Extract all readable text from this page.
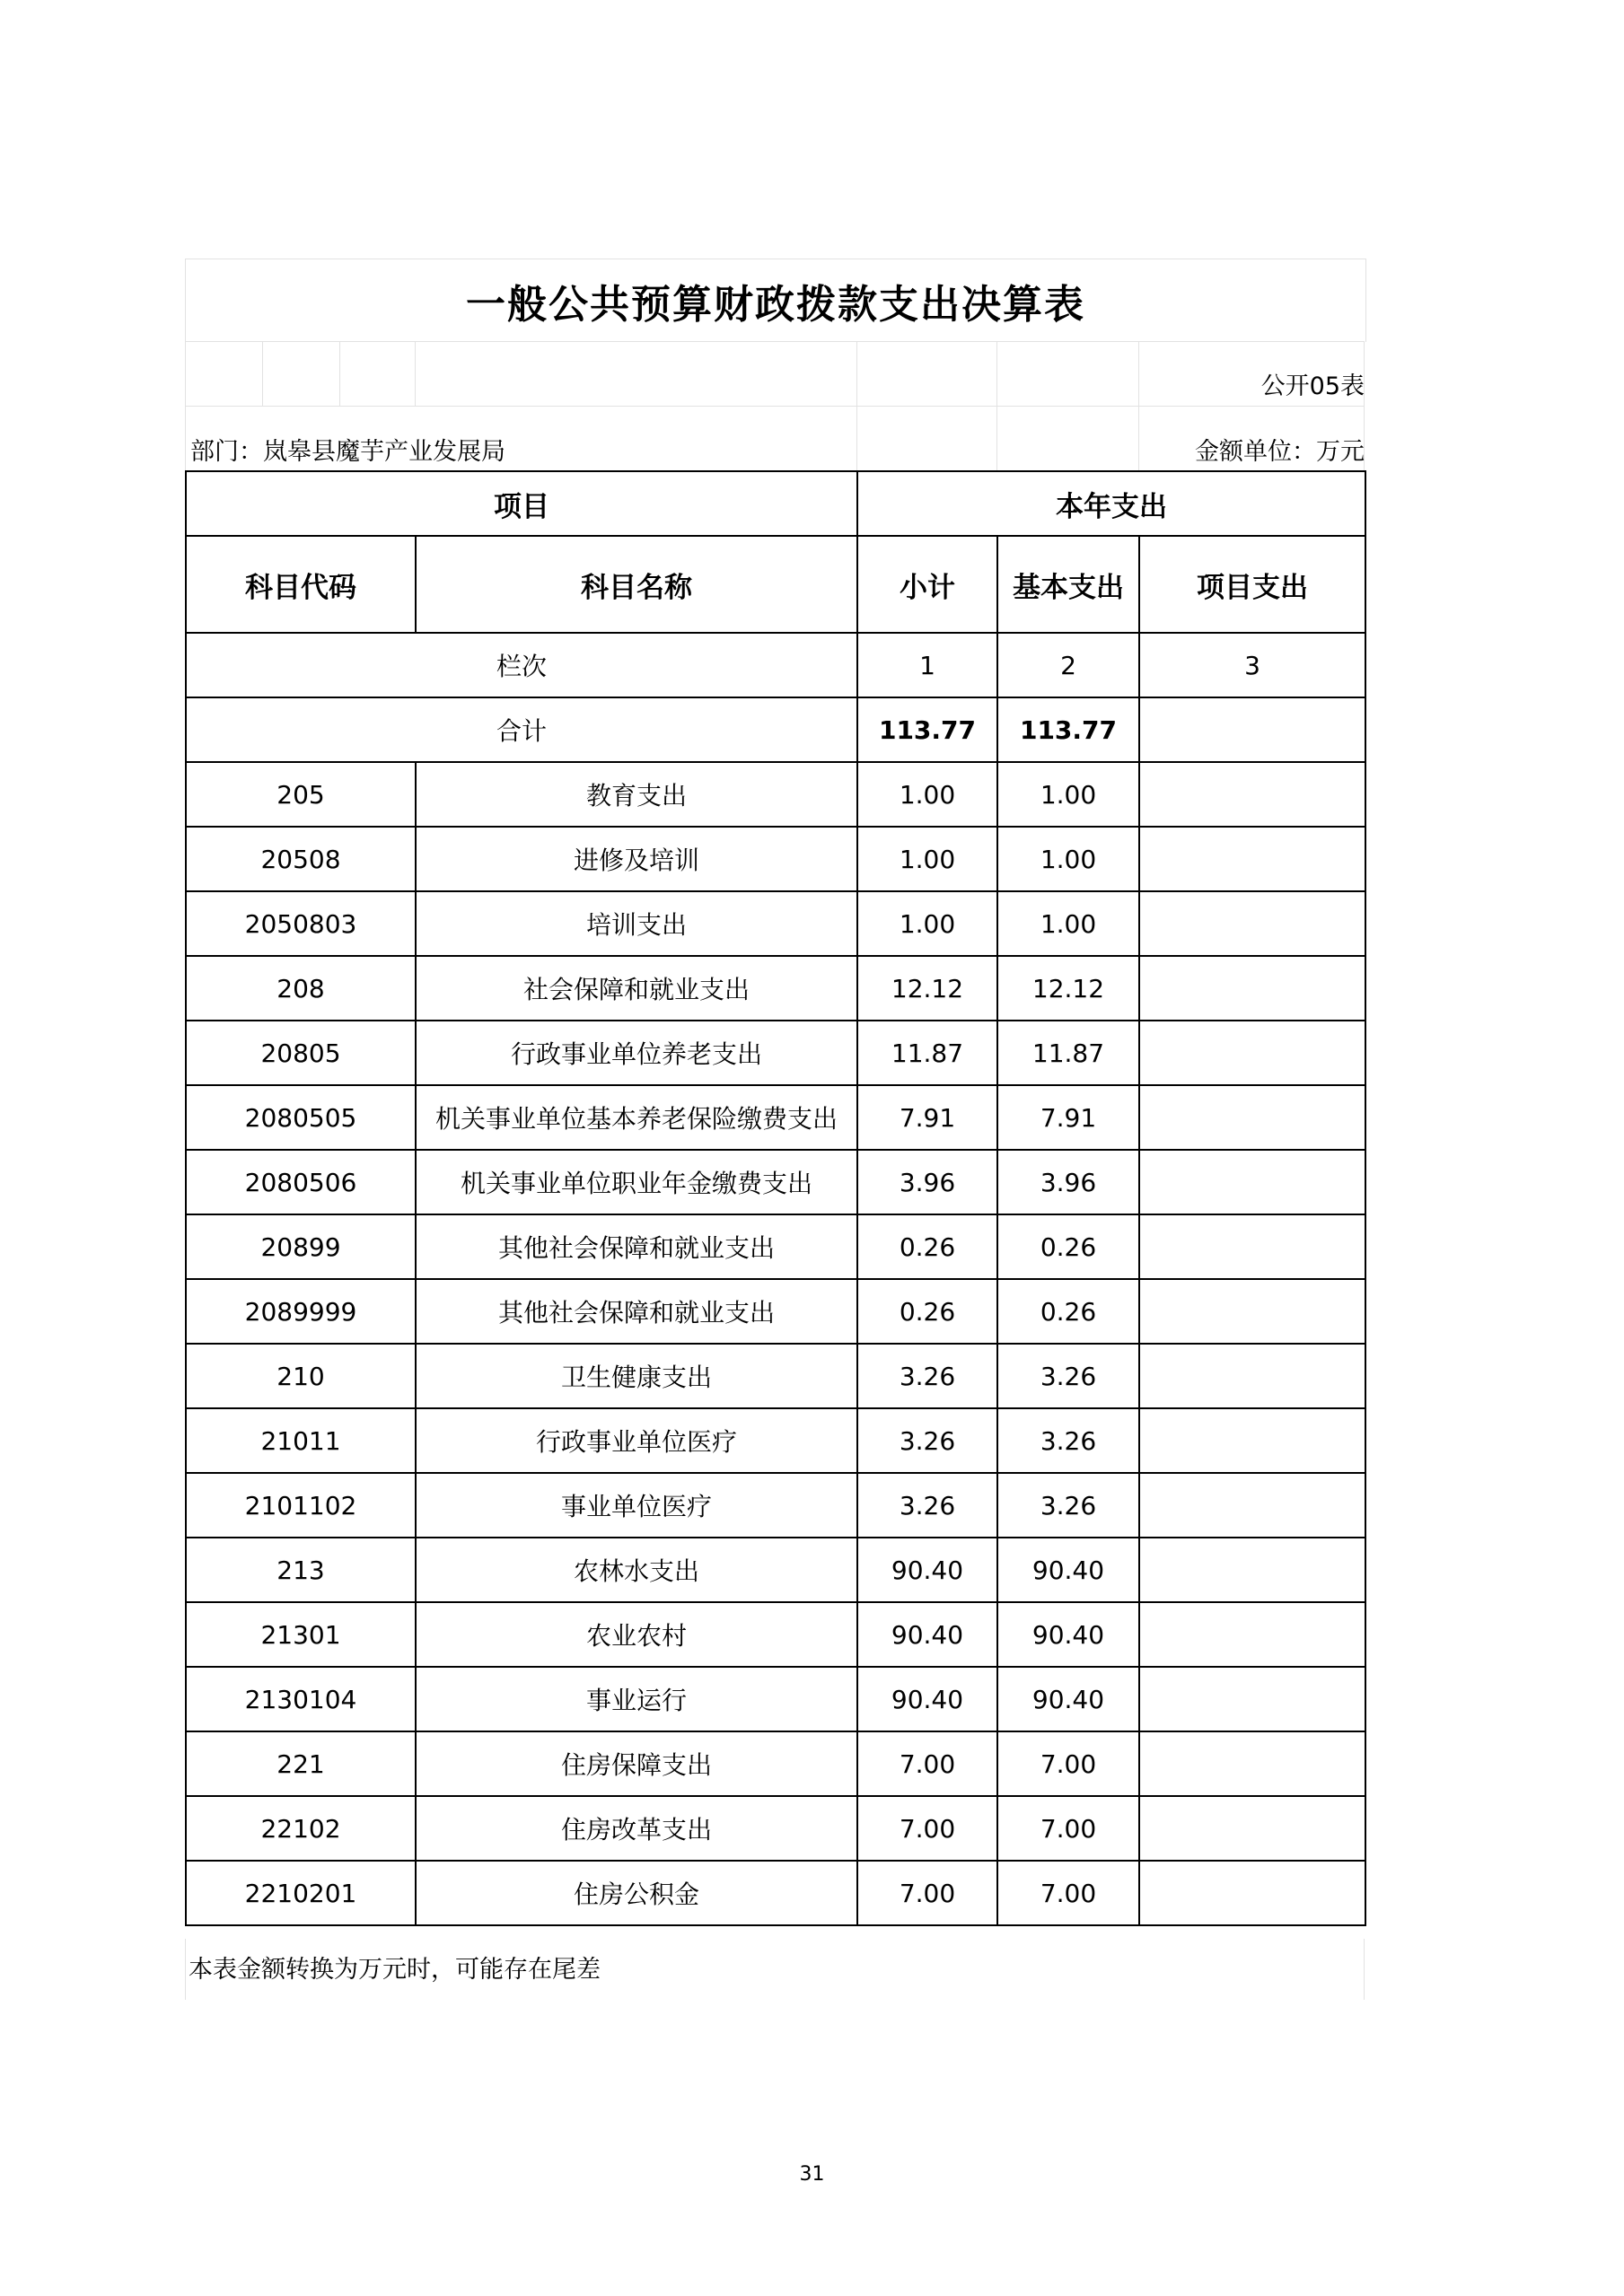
一般公共预算财政拨款支出决算表
公开05表
部门：岚皋县魔芋产业发展局	金额单位：万元
项目		本年支出		
科目代码	科目名称	小计	基本支出	项目支出
栏次		1	2	3
合计		113.77	113.77	
205	教育支出	1.00	1.00	
20508	进修及培训	1.00	1.00	
2050803	培训支出	1.00	1.00	
208	社会保障和就业支出	12.12	12.12	
20805	行政事业单位养老支出	11.87	11.87	
2080505	机关事业单位基本养老保险缴费支出	7.91	7.91	
2080506	机关事业单位职业年金缴费支出	3.96	3.96	
20899	其他社会保障和就业支出	0.26	0.26	
2089999	其他社会保障和就业支出	0.26	0.26	
210	卫生健康支出	3.26	3.26	
21011	行政事业单位医疗	3.26	3.26	
2101102	事业单位医疗	3.26	3.26	
213	农林水支出	90.40	90.40	
21301	农业农村	90.40	90.40	
2130104	事业运行	90.40	90.40	
221	住房保障支出	7.00	7.00	
22102	住房改革支出	7.00	7.00	
2210201	住房公积金	7.00	7.00	
本表金额转换为万元时，可能存在尾差
31
